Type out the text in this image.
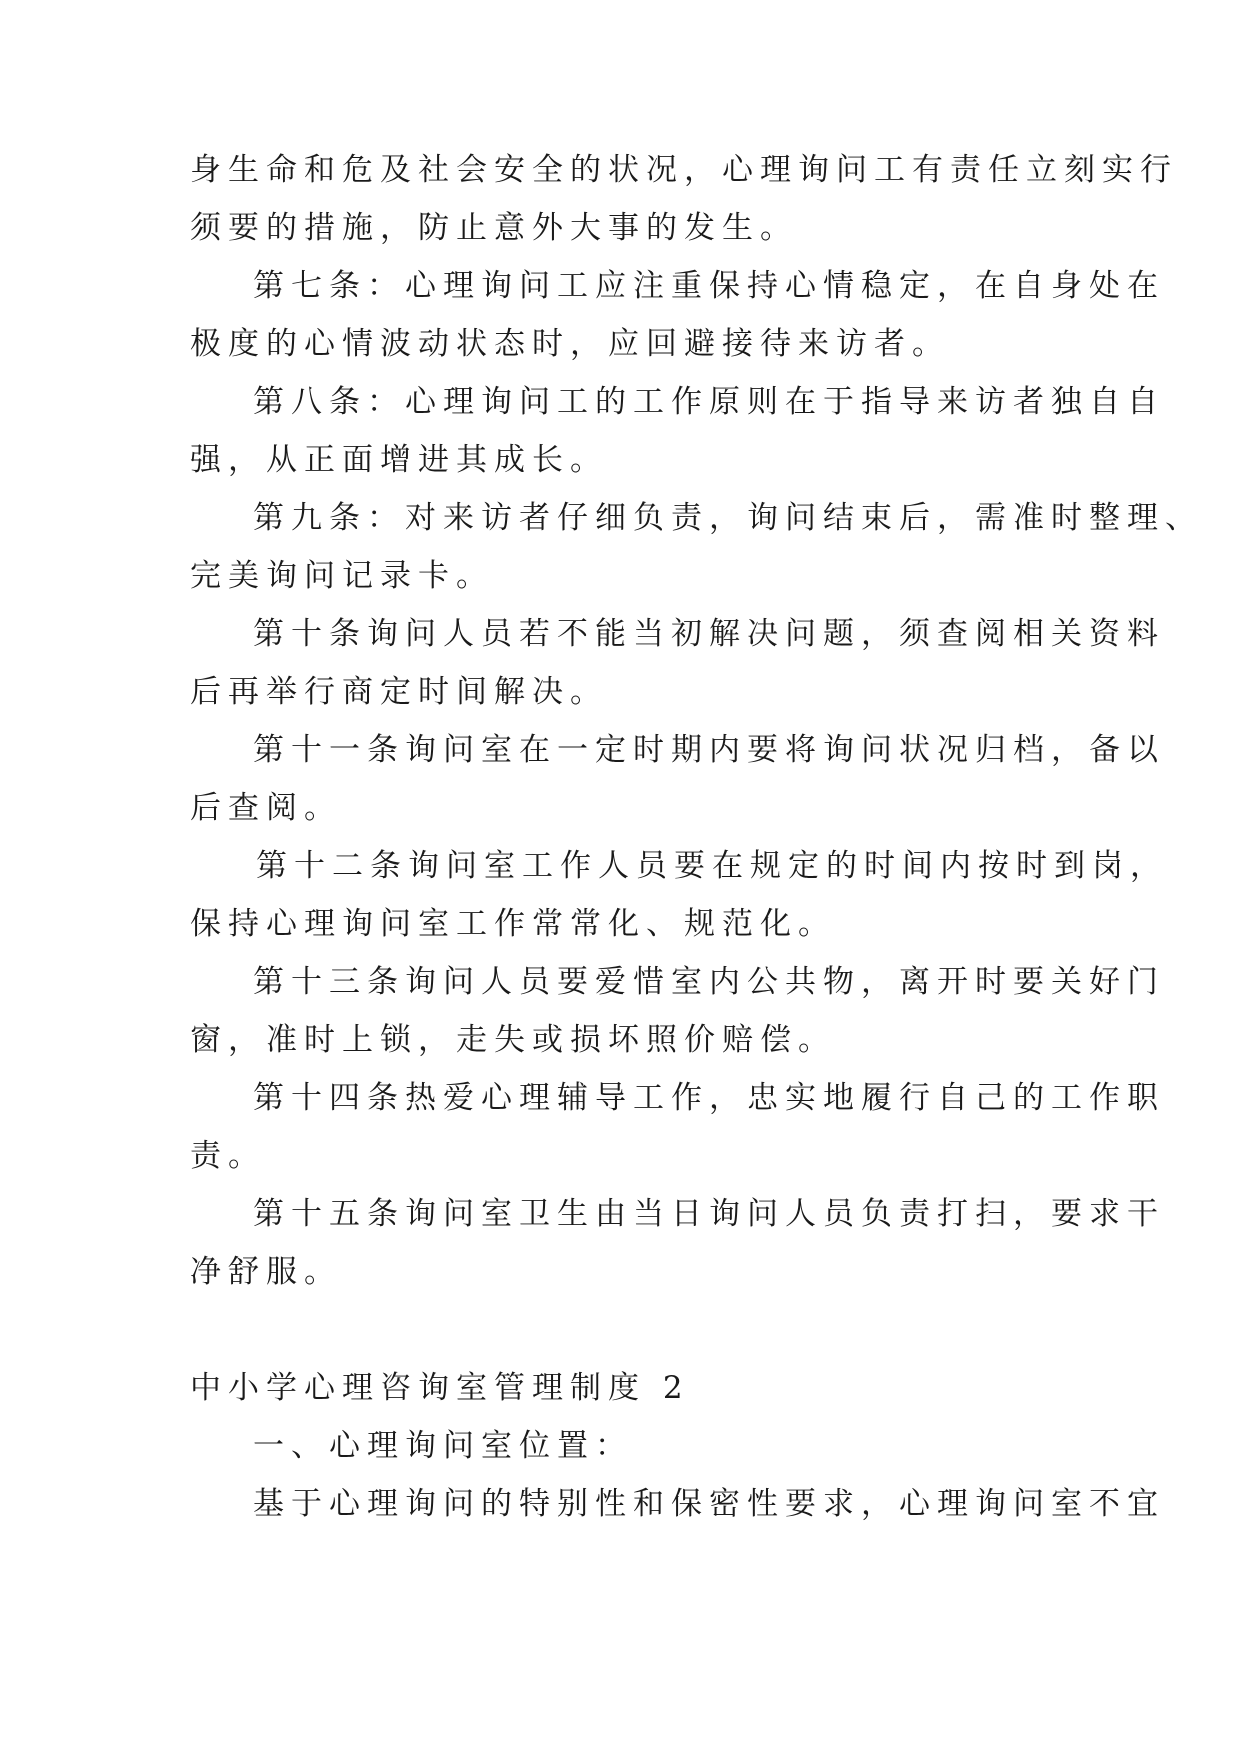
身生命和危及社会安全的状况，心理询问工有责任立刻实行
须要的措施，防止意外大事的发生。
第七条：心理询问工应注重保持心情稳定，在自身处在
极度的心情波动状态时，应回避接待来访者。
第八条：心理询问工的工作原则在于指导来访者独自自
强，从正面增进其成长。
第九条：对来访者仔细负责，询问结束后，需准时整理、
完美询问记录卡。
第十条询问人员若不能当初解决问题，须查阅相关资料
后再举行商定时间解决。
第十一条询问室在一定时期内要将询问状况归档，备以
后查阅。
第十二条询问室工作人员要在规定的时间内按时到岗，
保持心理询问室工作常常化、规范化。
第十三条询问人员要爱惜室内公共物，离开时要关好门
窗，准时上锁，走失或损坏照价赔偿。
第十四条热爱心理辅导工作，忠实地履行自己的工作职
责。
第十五条询问室卫生由当日询问人员负责打扫，要求干
净舒服。
中小学心理咨询室管理制度 2
一、心理询问室位置：
基于心理询问的特别性和保密性要求，心理询问室不宜
